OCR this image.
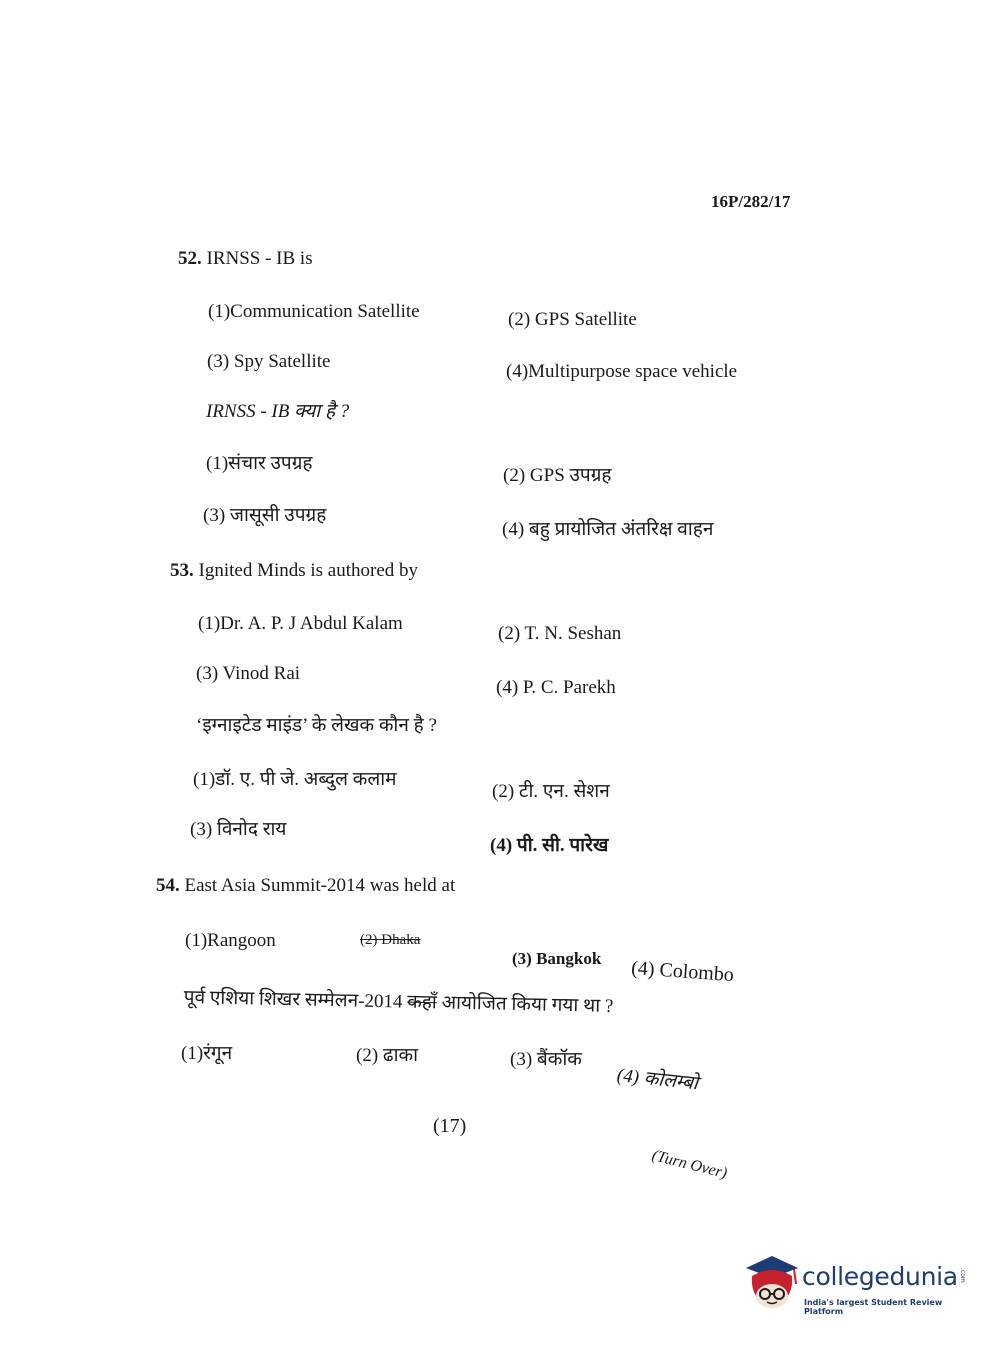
16P/282/17
52. IRNSS - IB is
(1)Communication Satellite	(2) GPS Satellite
(3) Spy Satellite	(4)Multipurpose space vehicle
IRNSS - IB क्या है ?
(1)संचार उपग्रह
(2) GPS उपग्रह
(3) जासूसी उपग्रह
(4) बहु प्रायोजित अंतरिक्ष वाहन
53. Ignited Minds is authored by
(1)Dr. A. P. J Abdul Kalam	(2) T. N. Seshan
(3) Vinod Rai
(4) P. C. Parekh
‘इग्नाइटेड माइंड’ के लेखक कौन है ?
(1)डॉ. ए. पी जे. अब्दुल कलाम
(2) टी. एन. सेशन
(3) विनोद राय
(4) पी. सी. पारेख
54. East Asia Summit-2014 was held at
(1)Rangoon	(2) Dhaka
(3) Bangkok (4) Colombo
पूर्व एशिया शिखर सम्मेलन-2014 कहाँ आयोजित किया गया था ?
(1)रंगून	(2) ढाका	(3) बैंकॉक
(4) कोलम्बो
(17)
(Turn Over)
collegedunia .com
India's largest Student Review Platform
